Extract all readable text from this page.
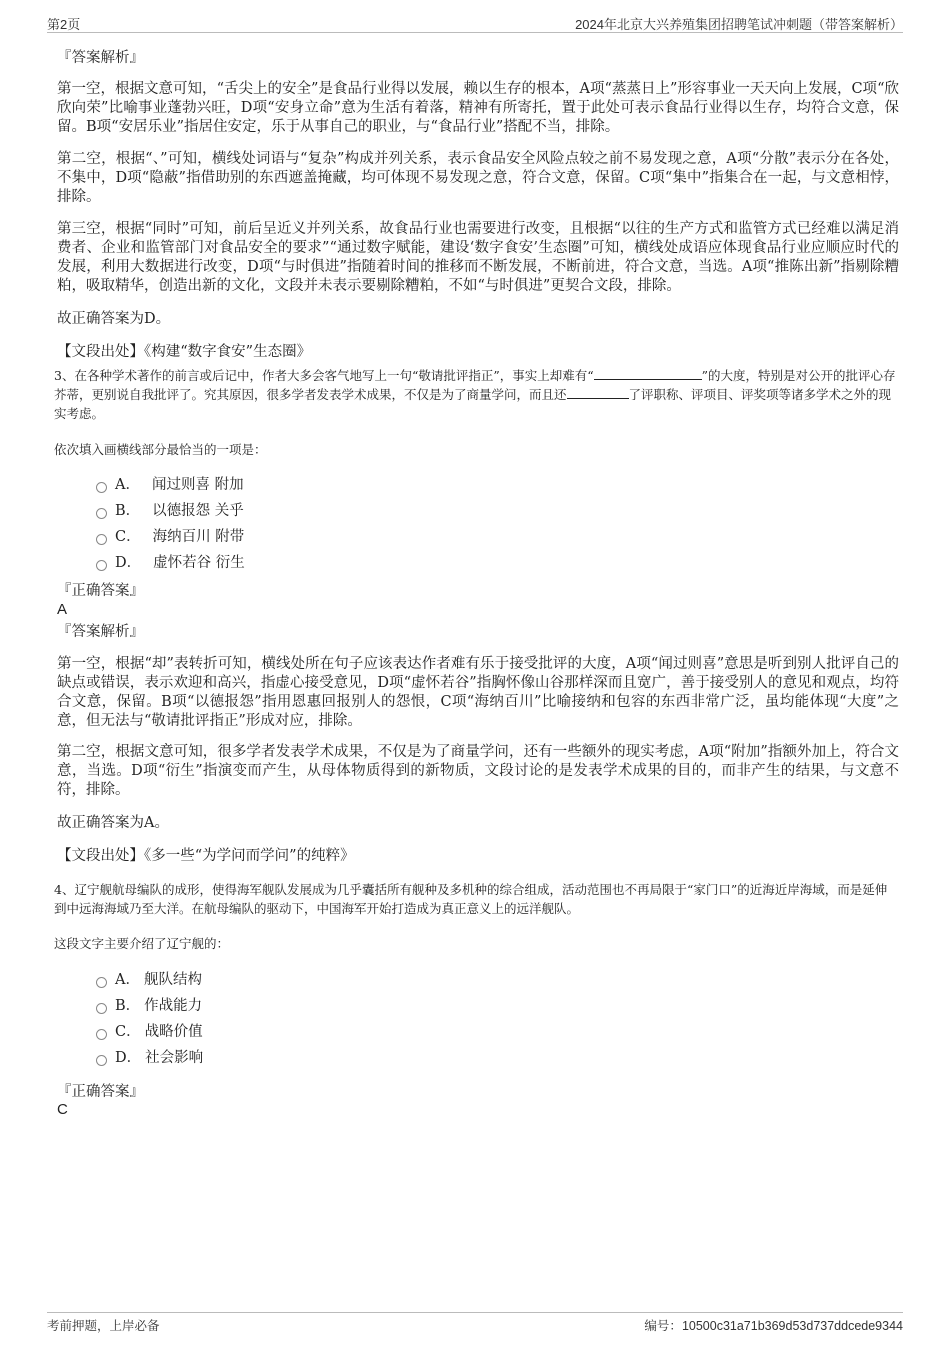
第2页	2024年北京大兴养殖集团招聘笔试冲刺题（带答案解析）
『答案解析』

第一空，根据文意可知，“舌尖上的安全”是食品行业得以发展，赖以生存的根本，A项“蒸蒸日上”形容事业一天天向上发展，C项“欣欣向荣”比喻事业蓬勃兴旺，D项“安身立命”意为生活有着落，精神有所寄托，置于此处可表示食品行业得以生存，均符合文意，保留。B项“安居乐业”指居住安定，乐于从事自己的职业，与“食品行业”搭配不当，排除。

第二空，根据“、”可知，横线处词语与“复杂”构成并列关系，表示食品安全风险点较之前不易发现之意，A项“分散”表示分在各处，不集中，D项“隐蔽”指借助别的东西遮盖掩藏，均可体现不易发现之意，符合文意，保留。C项“集中”指集合在一起，与文意相悖，排除。

第三空，根据“同时”可知，前后呈近义并列关系，故食品行业也需要进行改变，且根据“以往的生产方式和监管方式已经难以满足消费者、企业和监管部门对食品安全的要求”“通过数字赋能，建设‘数字食安’生态圈”可知，横线处成语应体现食品行业应顺应时代的发展，利用大数据进行改变，D项“与时俱进”指随着时间的推移而不断发展，不断前进，符合文意，当选。A项“推陈出新”指剔除糟粕，吸取精华，创造出新的文化，文段并未表示要剔除糟粕，不如“与时俱进”更契合文段，排除。

故正确答案为D。
【文段出处】《构建“数字食安”生态圈》

3、在各种学术著作的前言或后记中，作者大多会客气地写上一句“敬请批评指正”，事实上却难有“	”的大度，特别是对公开的批评心存芥蒂，更别说自我批评了。究其原因，很多学者发表学术成果，不仅是为了商量学问，而且还	了评职称、评项目、评奖项等诸多学术之外的现实考虑。

依次填入画横线部分最恰当的一项是：
A． 闻过则喜 附加
B． 以德报怨 关乎
C． 海纳百川 附带
D． 虚怀若谷 衍生
『正确答案』
A
『答案解析』

第一空，根据“却”表转折可知，横线处所在句子应该表达作者难有乐于接受批评的大度，A项“闻过则喜”意思是听到别人批评自己的缺点或错误，表示欢迎和高兴，指虚心接受意见，D项“虚怀若谷”指胸怀像山谷那样深而且宽广，善于接受别人的意见和观点，均符合文意，保留。B项“以德报怨”指用恩惠回报别人的怨恨，C项“海纳百川”比喻接纳和包容的东西非常广泛，虽均能体现“大度”之意，但无法与“敬请批评指正”形成对应，排除。

第二空，根据文意可知，很多学者发表学术成果，不仅是为了商量学问，还有一些额外的现实考虑，A项“附加”指额外加上，符合文意，当选。D项“衍生”指演变而产生，从母体物质得到的新物质，文段讨论的是发表学术成果的目的，而非产生的结果，与文意不符，排除。

故正确答案为A。
【文段出处】《多一些“为学问而学问”的纯粹》

4、辽宁舰航母编队的成形，使得海军舰队发展成为几乎囊括所有舰种及多机种的综合组成，活动范围也不再局限于“家门口”的近海近岸海域，而是延伸到中远海海域乃至大洋。在航母编队的驱动下，中国海军开始打造成为真正意义上的远洋舰队。

这段文字主要介绍了辽宁舰的：
A． 舰队结构
B． 作战能力
C． 战略价值
D． 社会影响
『正确答案』
C
考前押题，上岸必备	编号：10500c31a71b369d53d737ddcede9344
